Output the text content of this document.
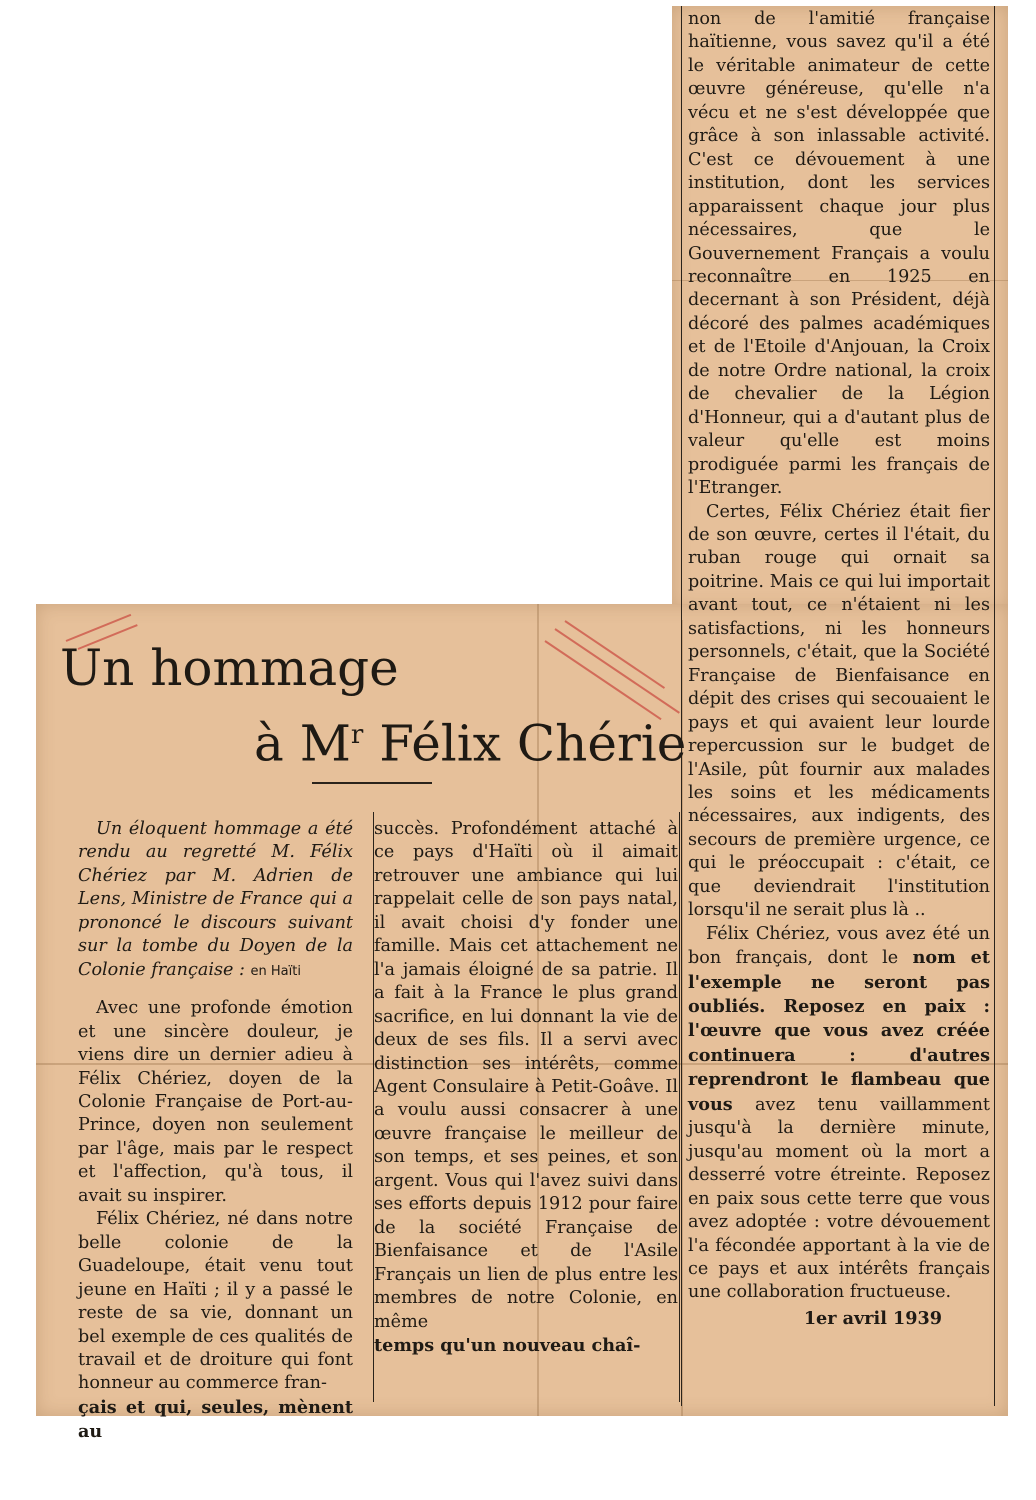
Un hommage
à $M^r$ Félix Chérie

Un éloquent hommage a été rendu au regretté M. Félix Chériez par M. Adrien de Lens, Ministre de France qui a prononcé le discours suivant sur la tombe du Doyen de la Colonie française : en Haïti

Avec une profonde émotion et une sincère douleur, je viens dire un dernier adieu à Félix Chériez, doyen de la Colonie Française de Port-au-Prince, doyen non seulement par l'âge, mais par le respect et l'affection, qu'à tous, il avait su inspirer.

Félix Chériez, né dans notre belle colonie de la Guadeloupe, était venu tout jeune en Haïti ; il y a passé le reste de sa vie, donnant un bel exemple de ces qualités de travail et de droiture qui font honneur au commerce fran-
çais et qui, seules, mènent au

succès. Profondément attaché à ce pays d'Haïti où il aimait retrouver une ambiance qui lui rappelait celle de son pays natal, il avait choisi d'y fonder une famille. Mais cet attachement ne l'a jamais éloigné de sa patrie. Il a fait à la France le plus grand sacrifice, en lui donnant la vie de deux de ses fils. Il a servi avec distinction ses intérêts, comme Agent Consulaire à Petit-Goâve. Il a voulu aussi consacrer à une œuvre française le meilleur de son temps, et ses peines, et son argent. Vous qui l'avez suivi dans ses efforts depuis 1912 pour faire de la société Française de Bienfaisance et de l'Asile Français un lien de plus entre les membres de notre Colonie, en même
temps qu'un nouveau chaî-

non de l'amitié française haïtienne, vous savez qu'il a été le véritable animateur de cette œuvre généreuse, qu'elle n'a vécu et ne s'est développée que grâce à son inlassable activité. C'est ce dévouement à une institution, dont les services apparaissent chaque jour plus nécessaires, que le Gouvernement Français a voulu reconnaître en 1925 en decernant à son Président, déjà décoré des palmes académiques et de l'Etoile d'Anjouan, la Croix de notre Ordre national, la croix de chevalier de la Légion d'Honneur, qui a d'autant plus de valeur qu'elle est moins prodiguée parmi les français de l'Etranger.

Certes, Félix Chériez était fier de son œuvre, certes il l'était, du ruban rouge qui ornait sa poitrine. Mais ce qui lui importait avant tout, ce n'étaient ni les satisfactions, ni les honneurs personnels, c'était, que la Société Française de Bienfaisance en dépit des crises qui secouaient le pays et qui avaient leur lourde repercussion sur le budget de l'Asile, pût fournir aux malades les soins et les médicaments nécessaires, aux indigents, des secours de première urgence, ce qui le préoccupait : c'était, ce que deviendrait l'institution lorsqu'il ne serait plus là ..

Félix Chériez, vous avez été un bon français, dont le nom et l'exemple ne seront pas oubliés. Reposez en paix : l'œuvre que vous avez créée continuera : d'autres reprendront le flambeau que vous avez tenu vaillamment jusqu'à la dernière minute, jusqu'au moment où la mort a desserré votre étreinte. Reposez en paix sous cette terre que vous avez adoptée : votre dévouement l'a fécondée apportant à la vie de ce pays et aux intérêts français une collaboration fructueuse.

1er avril 1939
